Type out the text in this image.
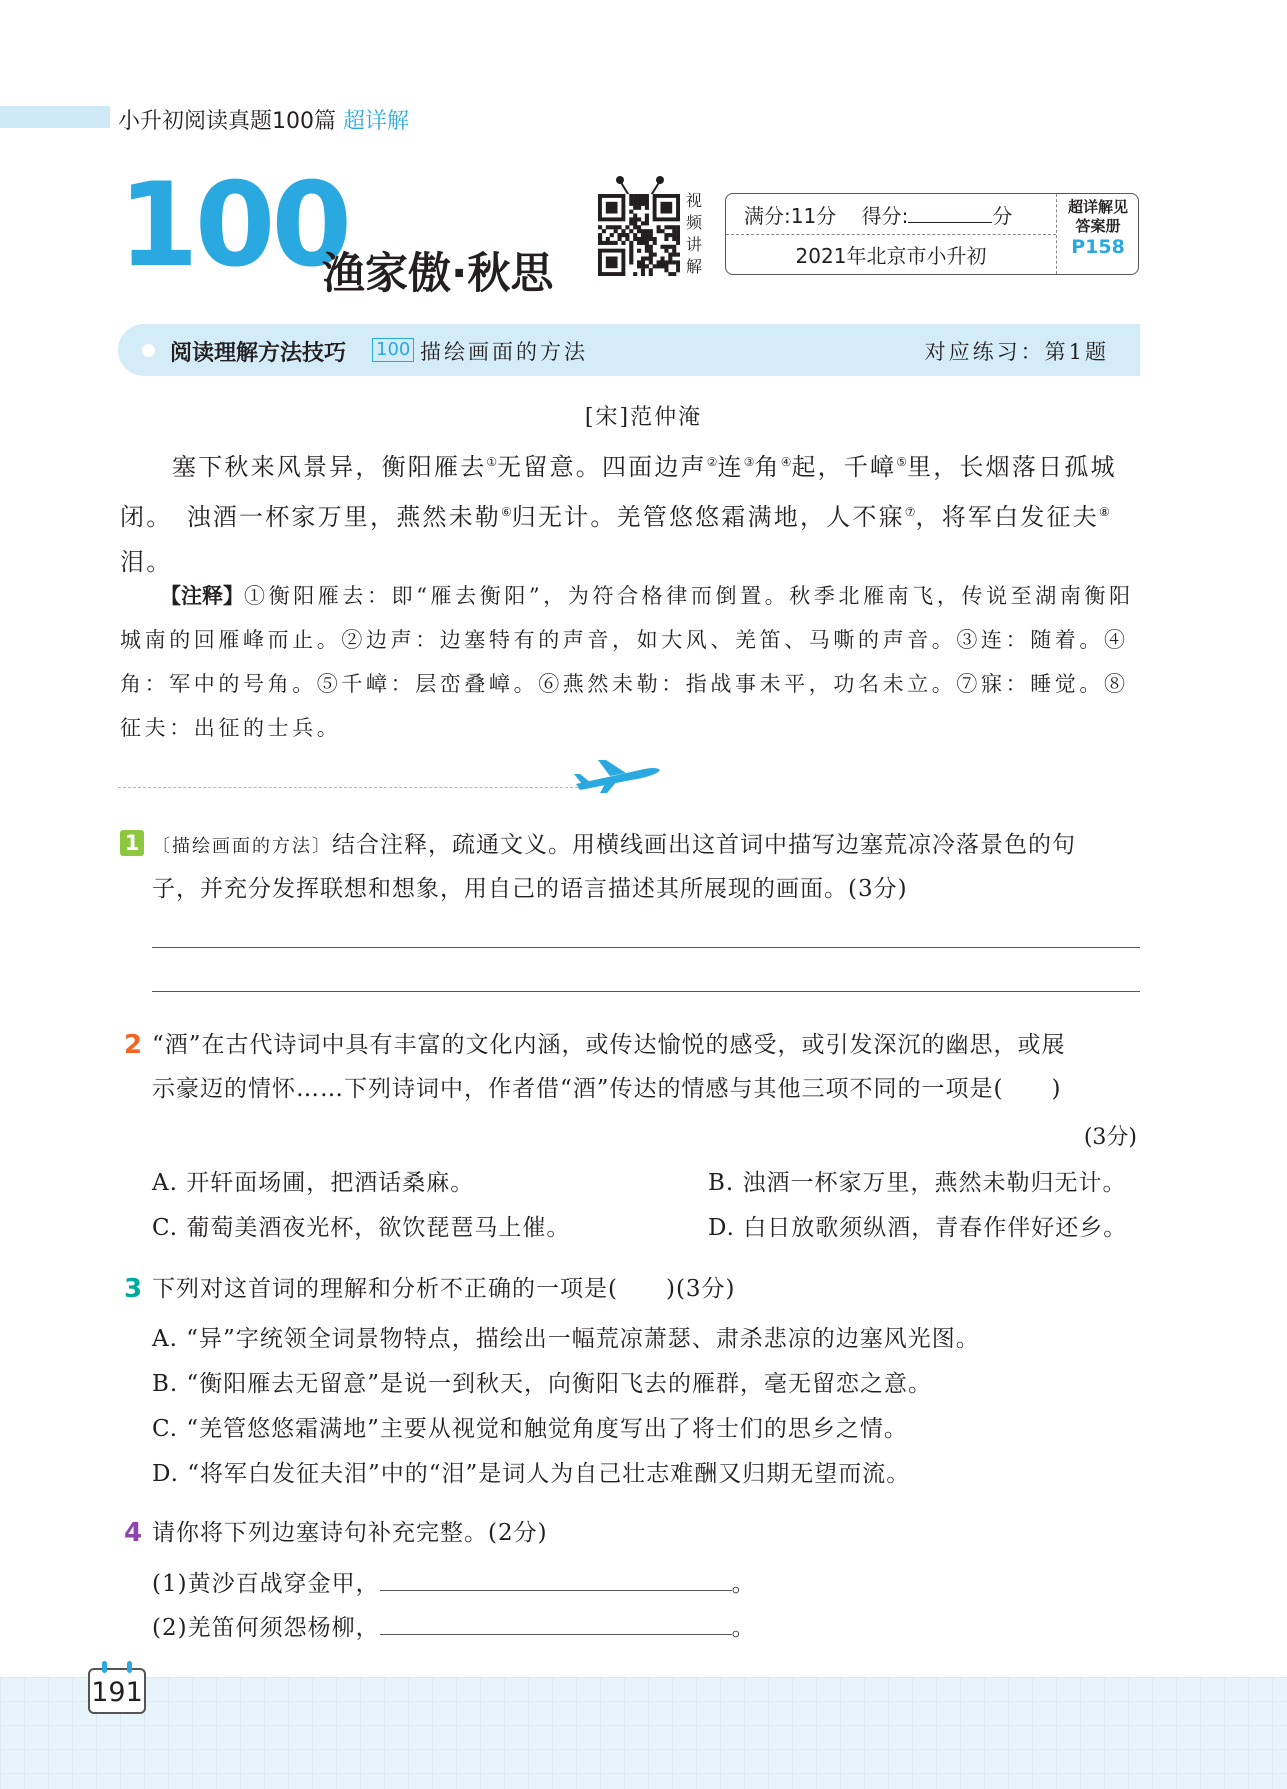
小升初阅读真题100篇 超详解
100
渔家傲·秋思
视
频
讲
解
满分:11分 得分:	分
2021年北京市小升初
超详解见
答案册
P158
阅读理解方法技巧 100 描绘画面的方法	对应练习：第1题
[宋]范仲淹

塞下秋来风景异，衡阳雁去①无留意。四面边声②连③角④起，千嶂⑤里，长烟落日孤城闭。　浊酒一杯家万里，燕然未勒⑥归无计。羌管悠悠霜满地，人不寐⑦，将军白发征夫⑧泪。

【注释】①衡阳雁去：即“雁去衡阳”，为符合格律而倒置。秋季北雁南飞，传说至湖南衡阳城南的回雁峰而止。②边声：边塞特有的声音，如大风、羌笛、马嘶的声音。③连：随着。④角：军中的号角。⑤千嶂：层峦叠嶂。⑥燕然未勒：指战事未平，功名未立。⑦寐：睡觉。⑧征夫：出征的士兵。

1 〔描绘画面的方法〕结合注释，疏通文义。用横线画出这首词中描写边塞荒凉冷落景色的句

子，并充分发挥联想和想象，用自己的语言描述其所展现的画面。(3分)

2 “酒”在古代诗词中具有丰富的文化内涵，或传达愉悦的感受，或引发深沉的幽思，或展

示豪迈的情怀……下列诗词中，作者借“酒”传达的情感与其他三项不同的一项是(　　)

(3分)
A. 开轩面场圃，把酒话桑麻。	B. 浊酒一杯家万里，燕然未勒归无计。
C. 葡萄美酒夜光杯，欲饮琵琶马上催。	D. 白日放歌须纵酒，青春作伴好还乡。
3 下列对这首词的理解和分析不正确的一项是(　　)(3分)

A. “异”字统领全词景物特点，描绘出一幅荒凉萧瑟、肃杀悲凉的边塞风光图。
B. “衡阳雁去无留意”是说一到秋天，向衡阳飞去的雁群，毫无留恋之意。
C. “羌管悠悠霜满地”主要从视觉和触觉角度写出了将士们的思乡之情。
D. “将军白发征夫泪”中的“泪”是词人为自己壮志难酬又归期无望而流。
4 请你将下列边塞诗句补充完整。(2分)

(1)黄沙百战穿金甲，	。
(2)羌笛何须怨杨柳，	。
191
